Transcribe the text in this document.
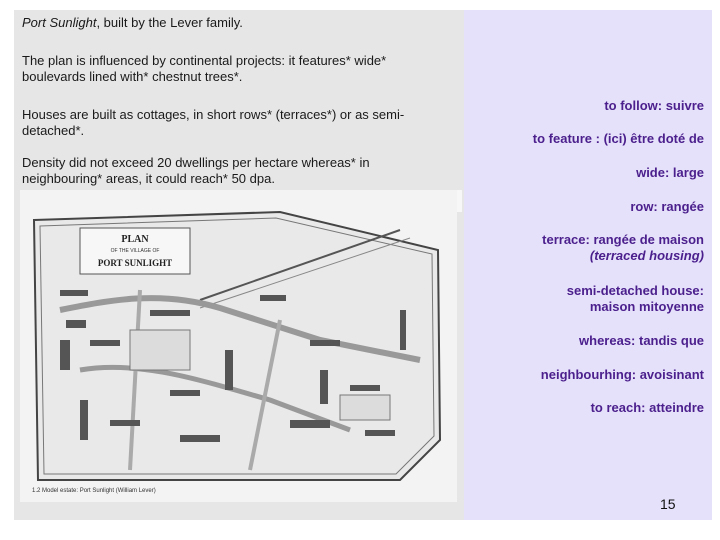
Port Sunlight, built by the Lever family.
The plan is influenced by continental projects: it features* wide*
boulevards lined with* chestnut trees*.
Houses are built as cottages, in short rows* (terraces*) or as semi-
detached*.
Density did not exceed 20 dwellings per hectare whereas* in
neighbouring* areas, it could reach* 50 dpa.
to follow: suivre
to feature : (ici) être doté de
wide: large
row: rangée
terrace: rangée de maison
(terraced housing)
semi-detached house:
maison mitoyenne
whereas: tandis que
neighbourhing: avoisinant
to reach: atteindre
PLAN
OF THE VILLAGE OF
PORT SUNLIGHT
1.2 Model estate: Port Sunlight (William Lever)
15
